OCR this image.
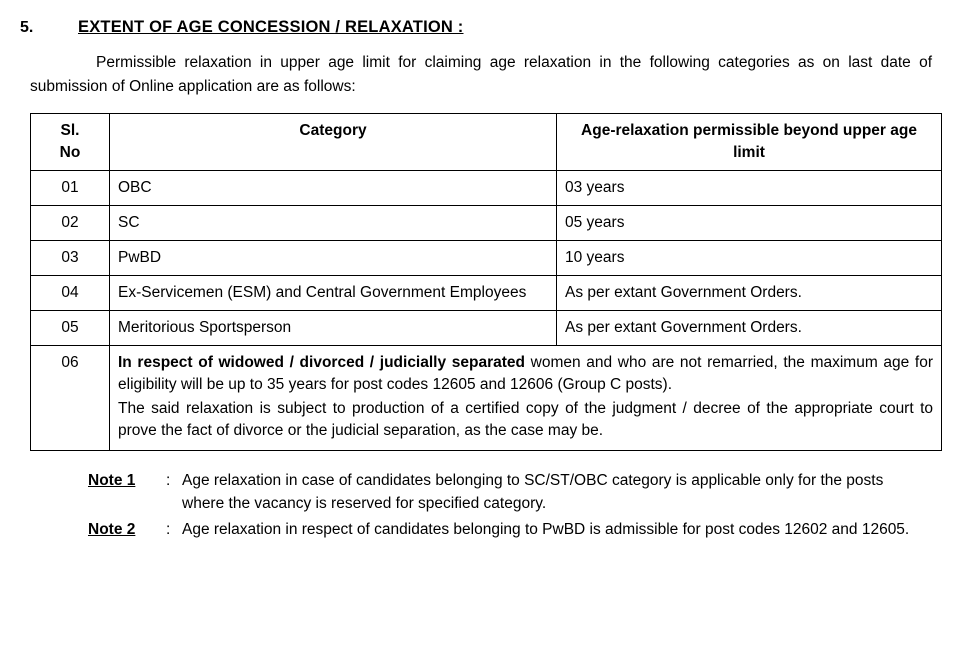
5.	EXTENT OF AGE CONCESSION / RELAXATION :
Permissible relaxation in upper age limit for claiming age relaxation in the following categories as on last date of submission of Online application are as follows:
Sl.
No	Category	Age-relaxation permissible beyond upper age limit
01	OBC	03 years
02	SC	05 years
03	PwBD	10 years
04	Ex-Servicemen (ESM) and Central Government Employees	As per extant Government Orders.
05	Meritorious Sportsperson	As per extant Government Orders.
06	In respect of widowed / divorced / judicially separated women and who are not remarried, the maximum age for eligibility will be up to 35 years for post codes 12605 and 12606 (Group C posts).

The said relaxation is subject to production of a certified copy of the judgment / decree of the appropriate court to prove the fact of divorce or the judicial separation, as the case may be.	

Note 1	: Age relaxation in case of candidates belonging to SC/ST/OBC category is applicable only for the posts where the vacancy is reserved for specified category.
Note 2	: Age relaxation in respect of candidates belonging to PwBD is admissible for post codes 12602 and 12605.
